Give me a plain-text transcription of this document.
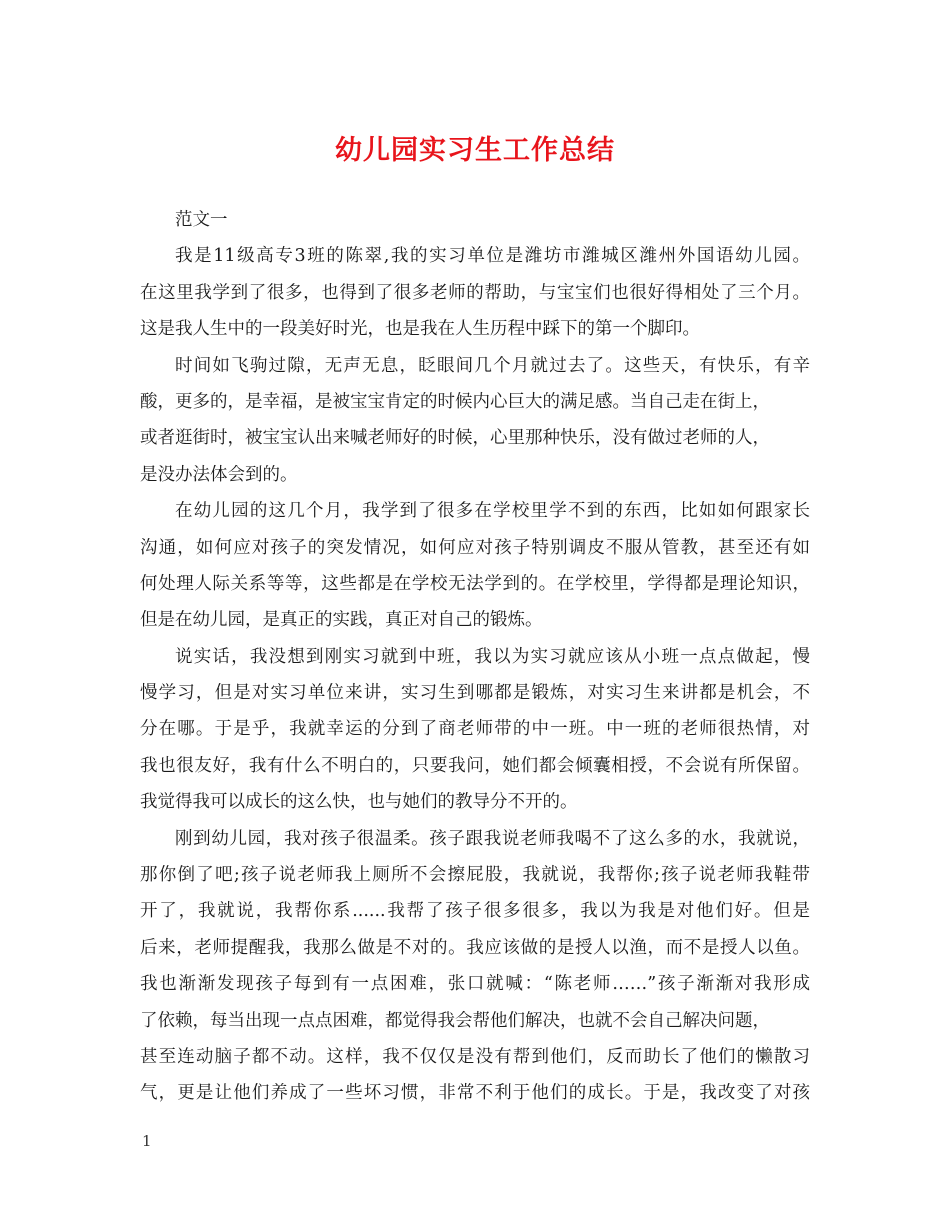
幼儿园实习生工作总结
范文一
我是11级高专3班的陈翠,我的实习单位是潍坊市潍城区潍州外国语幼儿园。
在这里我学到了很多，也得到了很多老师的帮助，与宝宝们也很好得相处了三个月。
这是我人生中的一段美好时光，也是我在人生历程中踩下的第一个脚印。
时间如飞驹过隙，无声无息，眨眼间几个月就过去了。这些天，有快乐，有辛
酸，更多的，是幸福，是被宝宝肯定的时候内心巨大的满足感。当自己走在街上，
或者逛街时，被宝宝认出来喊老师好的时候，心里那种快乐，没有做过老师的人，
是没办法体会到的。
在幼儿园的这几个月，我学到了很多在学校里学不到的东西，比如如何跟家长
沟通，如何应对孩子的突发情况，如何应对孩子特别调皮不服从管教，甚至还有如
何处理人际关系等等，这些都是在学校无法学到的。在学校里，学得都是理论知识，
但是在幼儿园，是真正的实践，真正对自己的锻炼。
说实话，我没想到刚实习就到中班，我以为实习就应该从小班一点点做起，慢
慢学习，但是对实习单位来讲，实习生到哪都是锻炼，对实习生来讲都是机会，不
分在哪。于是乎，我就幸运的分到了商老师带的中一班。中一班的老师很热情，对
我也很友好，我有什么不明白的，只要我问，她们都会倾囊相授，不会说有所保留。
我觉得我可以成长的这么快，也与她们的教导分不开的。
刚到幼儿园，我对孩子很温柔。孩子跟我说老师我喝不了这么多的水，我就说，
那你倒了吧;孩子说老师我上厕所不会擦屁股，我就说，我帮你;孩子说老师我鞋带
开了，我就说，我帮你系......我帮了孩子很多很多，我以为我是对他们好。但是
后来，老师提醒我，我那么做是不对的。我应该做的是授人以渔，而不是授人以鱼。
我也渐渐发现孩子每到有一点困难，张口就喊：“陈老师……”孩子渐渐对我形成
了依赖，每当出现一点点困难，都觉得我会帮他们解决，也就不会自己解决问题，
甚至连动脑子都不动。这样，我不仅仅是没有帮到他们，反而助长了他们的懒散习
气，更是让他们养成了一些坏习惯，非常不利于他们的成长。于是，我改变了对孩
1
